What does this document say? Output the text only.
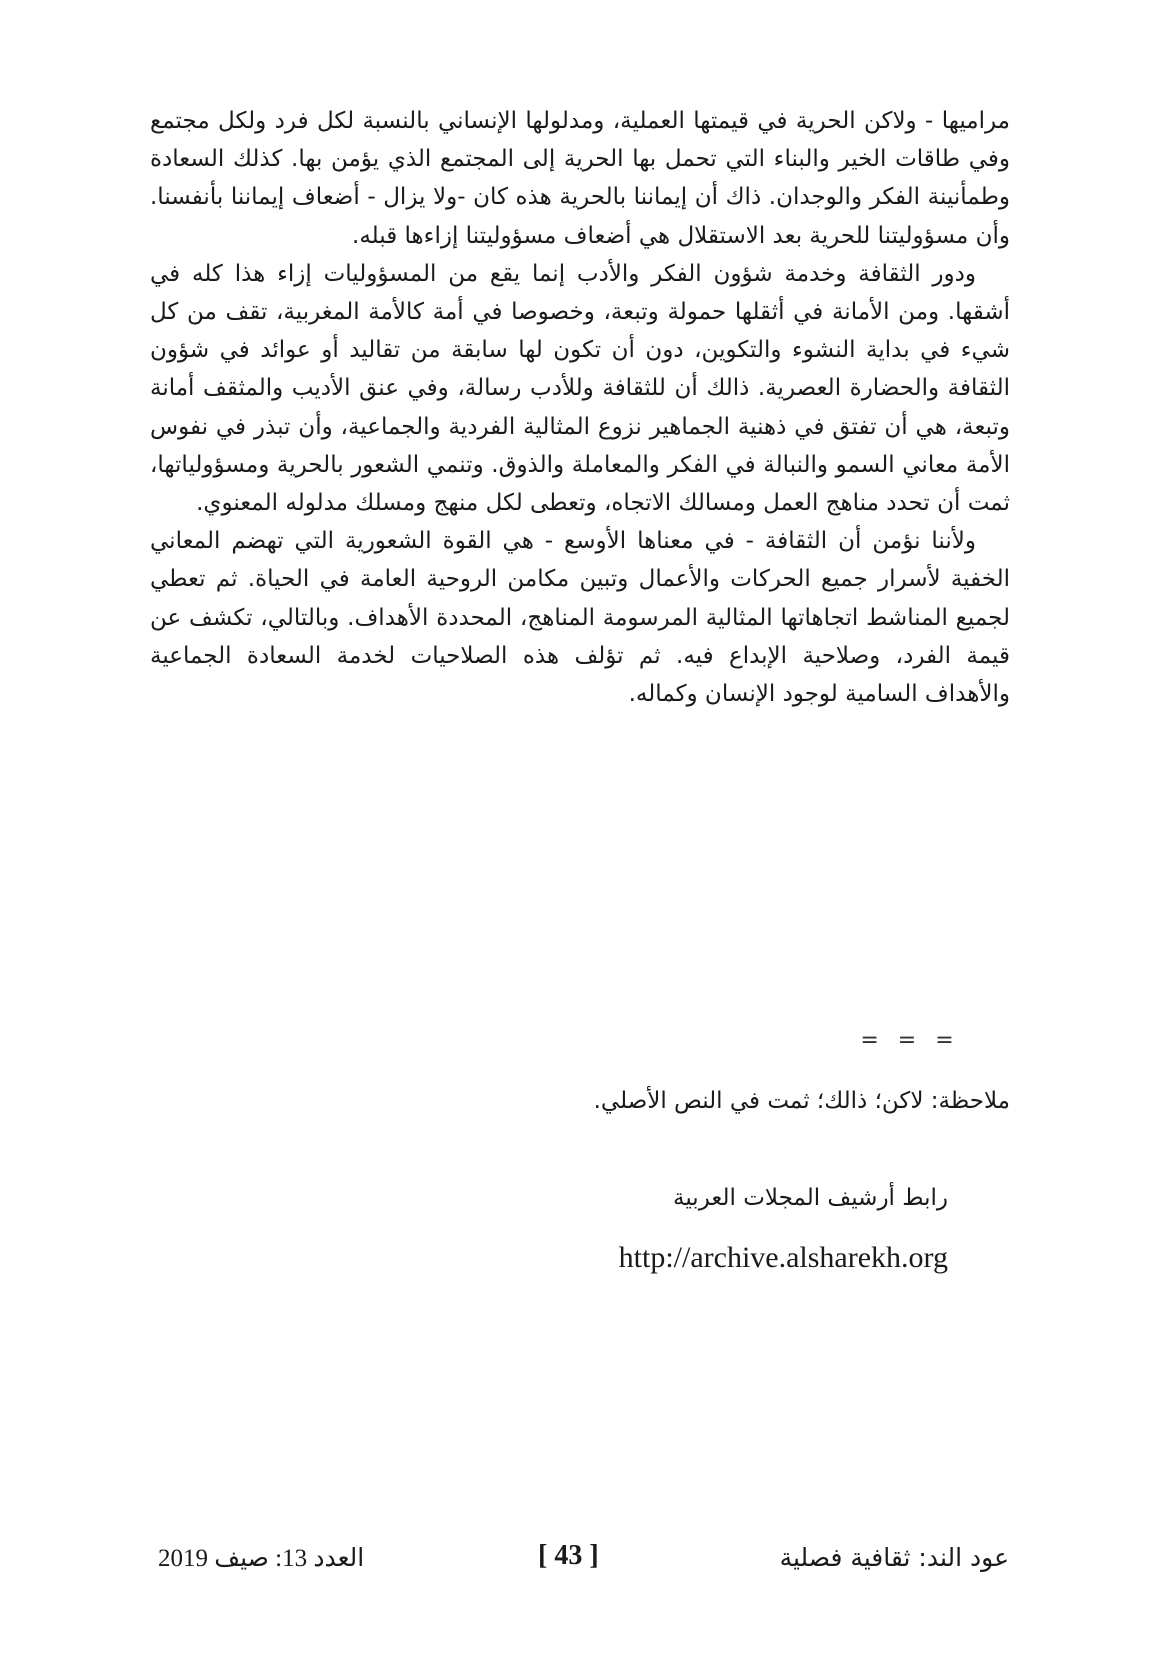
مراميها - ولاكن الحرية في قيمتها العملية، ومدلولها الإنساني بالنسبة لكل فرد ولكل مجتمع وفي طاقات الخير والبناء التي تحمل بها الحرية إلى المجتمع الذي يؤمن بها. كذلك السعادة وطمأنينة الفكر والوجدان. ذاك أن إيماننا بالحرية هذه كان -ولا يزال - أضعاف إيماننا بأنفسنا. وأن مسؤوليتنا للحرية بعد الاستقلال هي أضعاف مسؤوليتنا إزاءها قبله.

ودور الثقافة وخدمة شؤون الفكر والأدب إنما يقع من المسؤوليات إزاء هذا كله في أشقها. ومن الأمانة في أثقلها حمولة وتبعة، وخصوصا في أمة كالأمة المغربية، تقف من كل شيء في بداية النشوء والتكوين، دون أن تكون لها سابقة من تقاليد أو عوائد في شؤون الثقافة والحضارة العصرية. ذالك أن للثقافة وللأدب رسالة، وفي عنق الأديب والمثقف أمانة وتبعة، هي أن تفتق في ذهنية الجماهير نزوع المثالية الفردية والجماعية، وأن تبذر في نفوس الأمة معاني السمو والنبالة في الفكر والمعاملة والذوق. وتنمي الشعور بالحرية ومسؤولياتها، ثمت أن تحدد مناهج العمل ومسالك الاتجاه، وتعطى لكل منهج ومسلك مدلوله المعنوي.

ولأننا نؤمن أن الثقافة - في معناها الأوسع - هي القوة الشعورية التي تهضم المعاني الخفية لأسرار جميع الحركات والأعمال وتبين مكامن الروحية العامة في الحياة. ثم تعطي لجميع المناشط اتجاهاتها المثالية المرسومة المناهج، المحددة الأهداف. وبالتالي، تكشف عن قيمة الفرد، وصلاحية الإبداع فيه. ثم تؤلف هذه الصلاحيات لخدمة السعادة الجماعية والأهداف السامية لوجود الإنسان وكماله.

= = =
ملاحظة: لاكن؛ ذالك؛ ثمت في النص الأصلي.
رابط أرشيف المجلات العربية
http://archive.alsharekh.org
العدد 13: صيف 2019	[ 43 ]	عود الند: ثقافية فصلية
